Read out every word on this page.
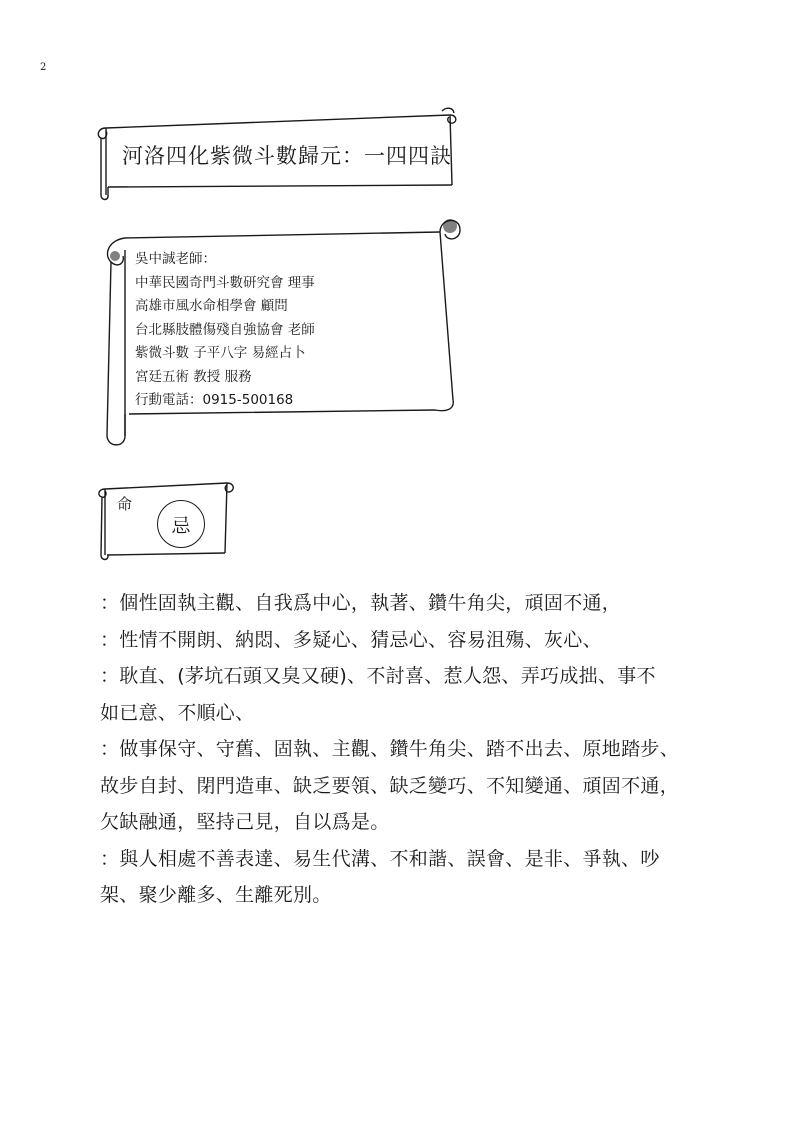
2
河洛四化紫微斗數歸元：一四四訣
吳中誠老師：
中華民國奇門斗數研究會 理事
高雄市風水命相學會 顧問
台北縣肢體傷殘自強協會 老師
紫微斗數 子平八字 易經占卜
宮廷五術 教授 服務
行動電話：0915-500168
命
忌
：個性固執主觀、自我爲中心，執著、鑽牛角尖，頑固不通，
：性情不開朗、納悶、多疑心、猜忌心、容易沮殤、灰心、
：耿直、(茅坑石頭又臭又硬)、不討喜、惹人怨、弄巧成拙、事不
如已意、不順心、
：做事保守、守舊、固執、主觀、鑽牛角尖、踏不出去、原地踏步、
故步自封、閉門造車、缺乏要領、缺乏變巧、不知變通、頑固不通，
欠缺融通，堅持己見，自以爲是。
：與人相處不善表達、易生代溝、不和諧、誤會、是非、爭執、吵
架、聚少離多、生離死別。
